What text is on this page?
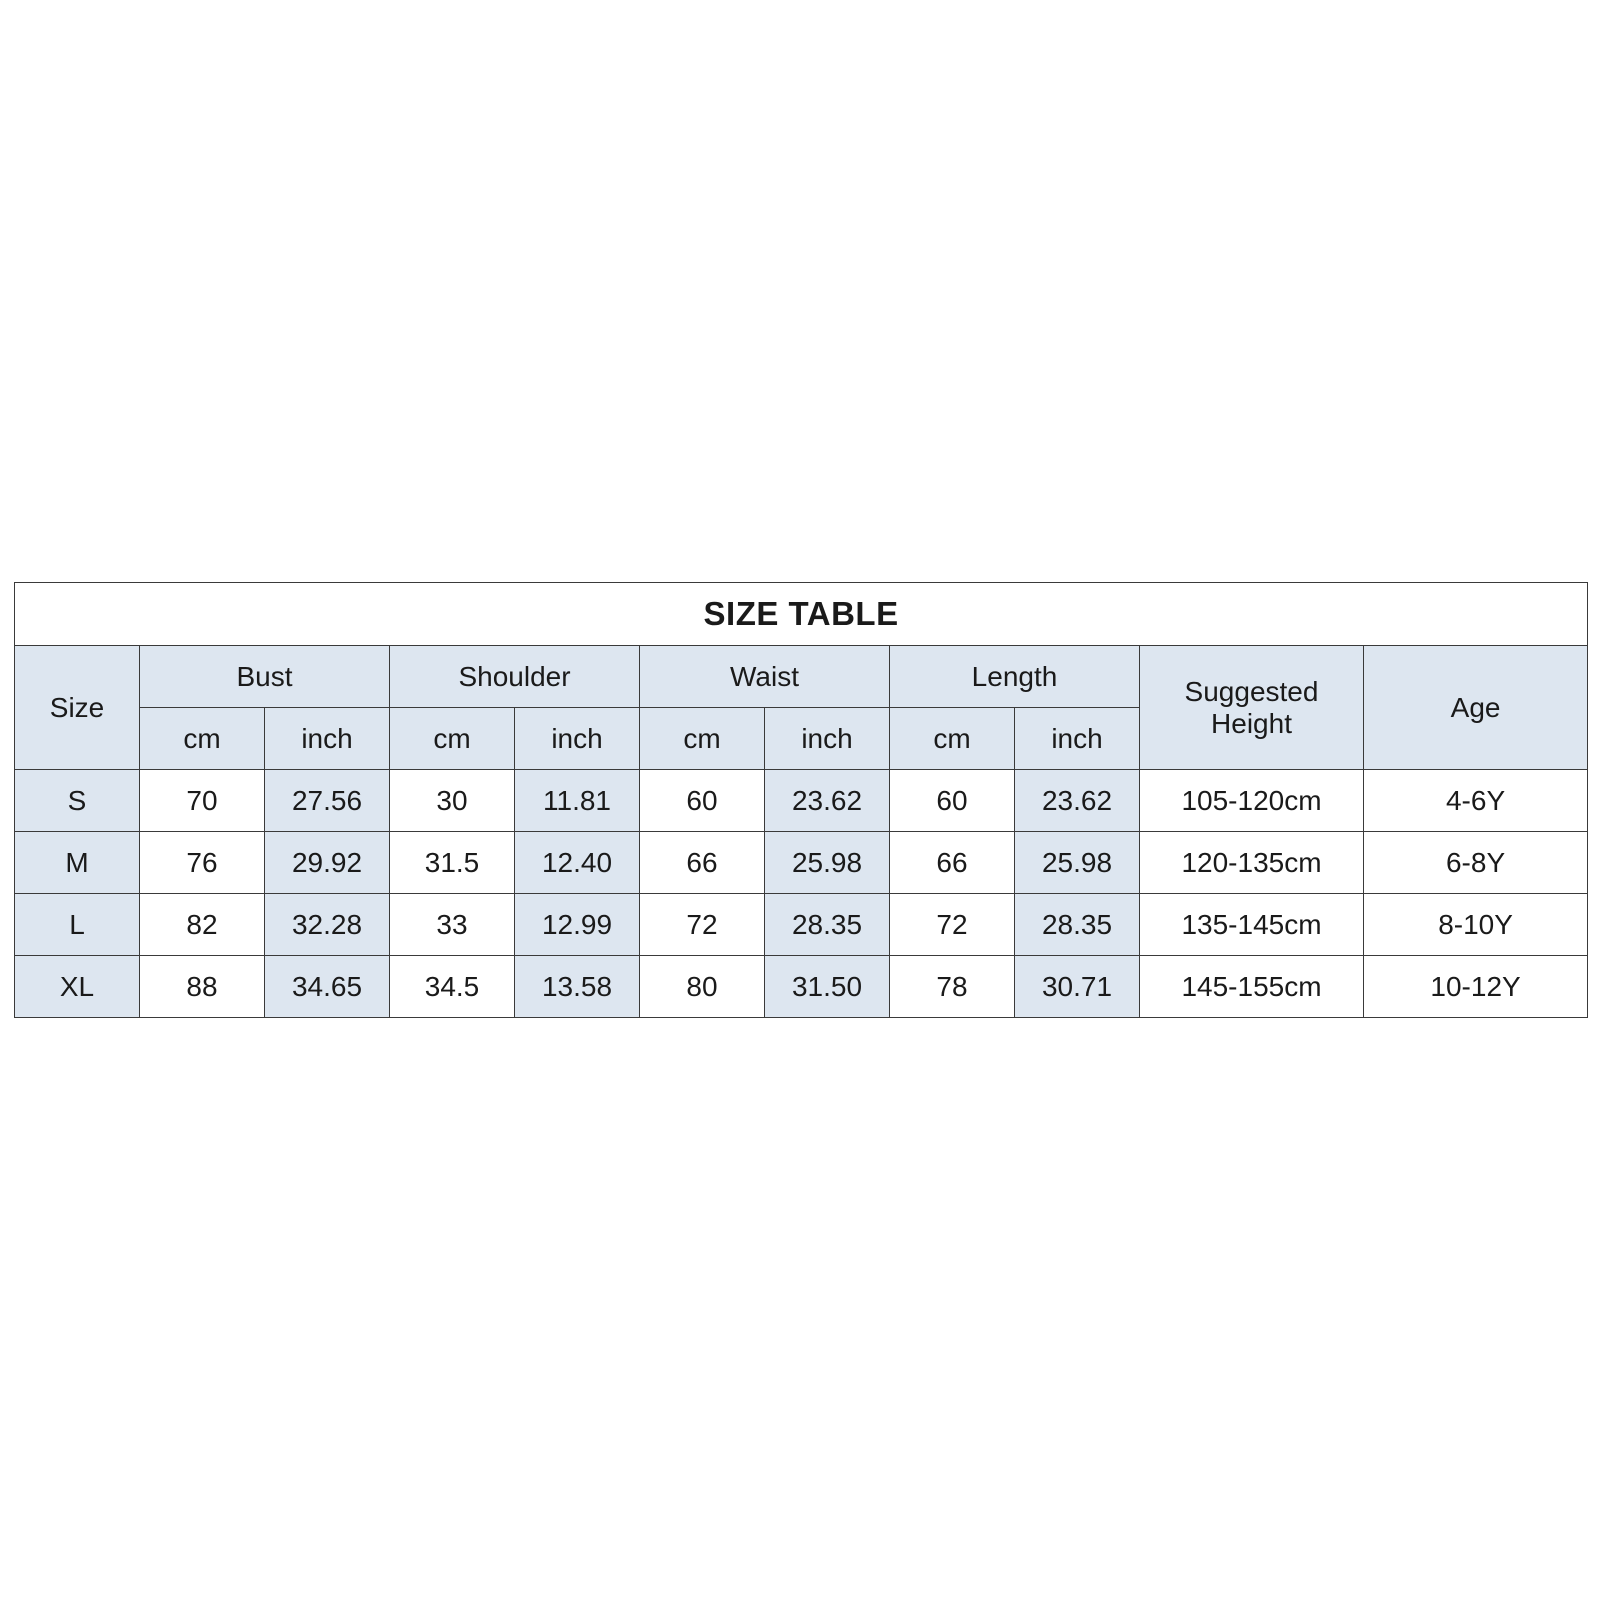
SIZE TABLE										
Size	Bust		Shoulder		Waist		Length		Suggested
Height	Age
	cm	inch	cm	inch	cm	inch	cm	inch		
S	70	27.56	30	11.81	60	23.62	60	23.62	105-120cm	4-6Y
M	76	29.92	31.5	12.40	66	25.98	66	25.98	120-135cm	6-8Y
L	82	32.28	33	12.99	72	28.35	72	28.35	135-145cm	8-10Y
XL	88	34.65	34.5	13.58	80	31.50	78	30.71	145-155cm	10-12Y
